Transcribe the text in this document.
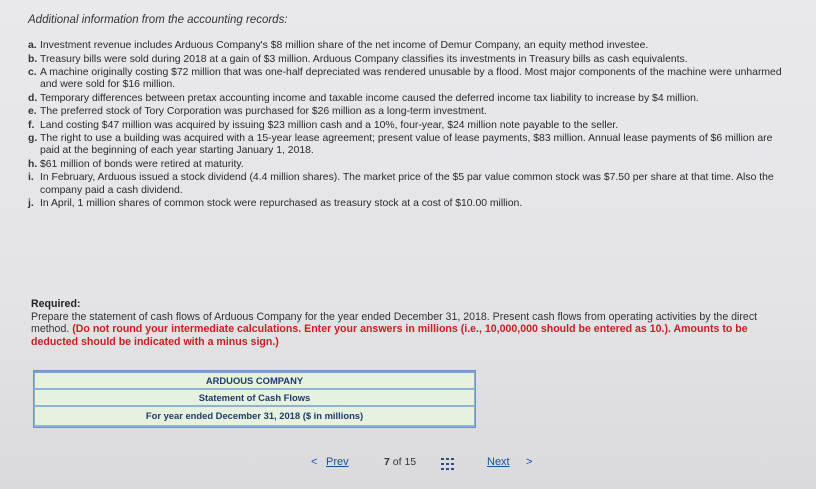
Additional information from the accounting records:
a. Investment revenue includes Arduous Company's $8 million share of the net income of Demur Company, an equity method investee.
b. Treasury bills were sold during 2018 at a gain of $3 million. Arduous Company classifies its investments in Treasury bills as cash equivalents.
c. A machine originally costing $72 million that was one-half depreciated was rendered unusable by a flood. Most major components of the machine were unharmed and were sold for $16 million.
d. Temporary differences between pretax accounting income and taxable income caused the deferred income tax liability to increase by $4 million.
e. The preferred stock of Tory Corporation was purchased for $26 million as a long-term investment.
f. Land costing $47 million was acquired by issuing $23 million cash and a 10%, four-year, $24 million note payable to the seller.
g. The right to use a building was acquired with a 15-year lease agreement; present value of lease payments, $83 million. Annual lease payments of $6 million are paid at the beginning of each year starting January 1, 2018.
h. $61 million of bonds were retired at maturity.
i. In February, Arduous issued a stock dividend (4.4 million shares). The market price of the $5 par value common stock was $7.50 per share at that time. Also the company paid a cash dividend.
j. In April, 1 million shares of common stock were repurchased as treasury stock at a cost of $10.00 million.
Required:
Prepare the statement of cash flows of Arduous Company for the year ended December 31, 2018. Present cash flows from operating activities by the direct method. (Do not round your intermediate calculations. Enter your answers in millions (i.e., 10,000,000 should be entered as 10.). Amounts to be deducted should be indicated with a minus sign.)
ARDUOUS COMPANY
Statement of Cash Flows
For year ended December 31, 2018 ($ in millions)
< Prev	7 of 15	Next >
